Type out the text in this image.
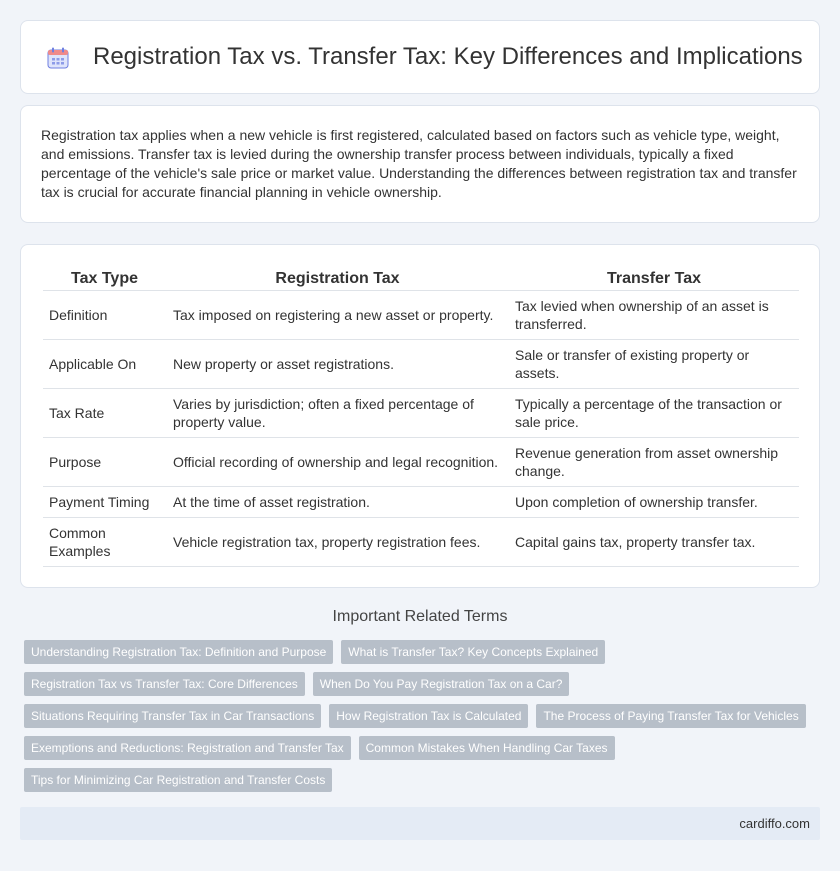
Registration Tax vs. Transfer Tax: Key Differences and Implications

Registration tax applies when a new vehicle is first registered, calculated based on factors such as vehicle type, weight, and emissions. Transfer tax is levied during the ownership transfer process between individuals, typically a fixed percentage of the vehicle's sale price or market value. Understanding the differences between registration tax and transfer tax is crucial for accurate financial planning in vehicle ownership.

Tax Type	Registration Tax	Transfer Tax
Definition	Tax imposed on registering a new asset or property.	Tax levied when ownership of an asset is transferred.
Applicable On	New property or asset registrations.	Sale or transfer of existing property or assets.
Tax Rate	Varies by jurisdiction; often a fixed percentage of property value.	Typically a percentage of the transaction or sale price.
Purpose	Official recording of ownership and legal recognition.	Revenue generation from asset ownership change.
Payment Timing	At the time of asset registration.	Upon completion of ownership transfer.
Common Examples	Vehicle registration tax, property registration fees.	Capital gains tax, property transfer tax.
Important Related Terms
Understanding Registration Tax: Definition and Purpose	What is Transfer Tax? Key Concepts Explained
Registration Tax vs Transfer Tax: Core Differences	When Do You Pay Registration Tax on a Car?
Situations Requiring Transfer Tax in Car Transactions	How Registration Tax is Calculated	The Process of Paying Transfer Tax for Vehicles
Exemptions and Reductions: Registration and Transfer Tax	Common Mistakes When Handling Car Taxes
Tips for Minimizing Car Registration and Transfer Costs
cardiffo.com
